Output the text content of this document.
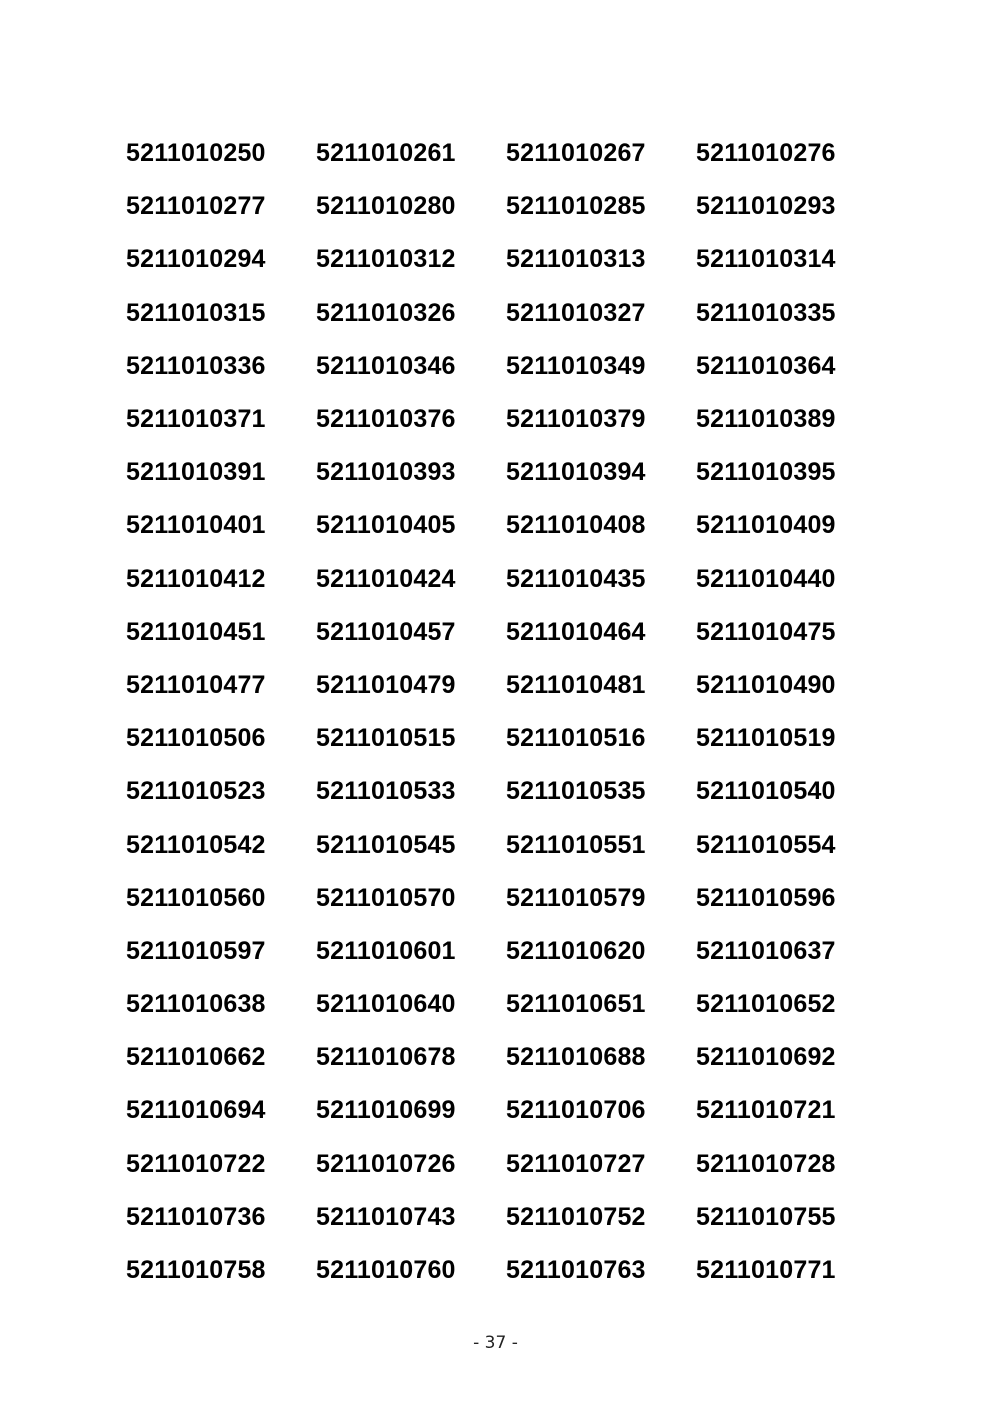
5211010250	5211010261	5211010267	5211010276
5211010277	5211010280	5211010285	5211010293
5211010294	5211010312	5211010313	5211010314
5211010315	5211010326	5211010327	5211010335
5211010336	5211010346	5211010349	5211010364
5211010371	5211010376	5211010379	5211010389
5211010391	5211010393	5211010394	5211010395
5211010401	5211010405	5211010408	5211010409
5211010412	5211010424	5211010435	5211010440
5211010451	5211010457	5211010464	5211010475
5211010477	5211010479	5211010481	5211010490
5211010506	5211010515	5211010516	5211010519
5211010523	5211010533	5211010535	5211010540
5211010542	5211010545	5211010551	5211010554
5211010560	5211010570	5211010579	5211010596
5211010597	5211010601	5211010620	5211010637
5211010638	5211010640	5211010651	5211010652
5211010662	5211010678	5211010688	5211010692
5211010694	5211010699	5211010706	5211010721
5211010722	5211010726	5211010727	5211010728
5211010736	5211010743	5211010752	5211010755
5211010758	5211010760	5211010763	5211010771
- 37 -
